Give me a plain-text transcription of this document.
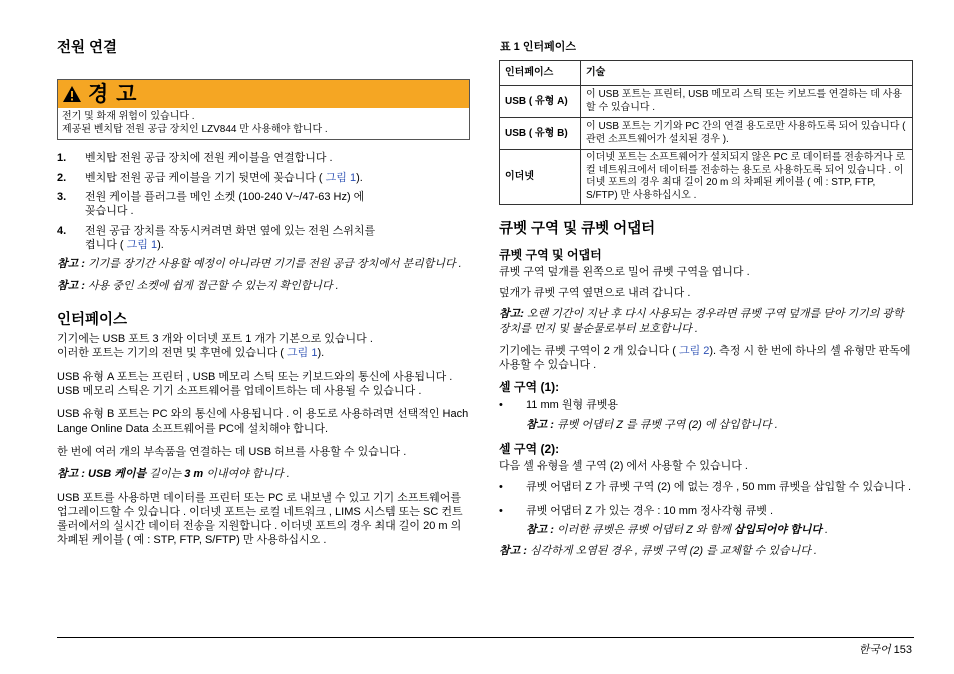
전원 연결
경 고
전기 및 화재 위험이 있습니다 .
제공된 벤치탑 전원 공급 장치인 LZV844 만 사용해야 합니다 .
1.	벤치탑 전원 공급 장치에 전원 케이블을 연결합니다 .
2.	벤치탑 전원 공급 케이블을 기기 뒷면에 꽂습니다 ( 그림 1).
3.	전원 케이블 플러그를 메인 소켓 (100-240 V~/47-63 Hz) 에
꽂습니다 .
4.	전원 공급 장치를 작동시켜려면 화면 옆에 있는 전원 스위치를
켭니다 ( 그림 1).

참고 : 기기를 장기간 사용할 예정이 아니라면 기기를 전원 공급 장치에서 분리합니다 .

참고 : 사용 중인 소켓에 쉽게 접근할 수 있는지 확인합니다 .

인터페이스

기기에는 USB 포트 3 개와 이더넷 포트 1 개가 기본으로 있습니다 .
이러한 포트는 기기의 전면 및 후면에 있습니다 ( 그림 1).

USB 유형 A 포트는 프린터 , USB 메모리 스틱 또는 키보드와의 통신에 사용됩니다 . USB 메모리 스틱은 기기 소프트웨어를 업데이트하는 데 사용될 수 있습니다 .

USB 유형 B 포트는 PC 와의 통신에 사용됩니다 . 이 용도로 사용하려면 선택적인 Hach Lange Online Data 소프트웨어를 PC에 설치해야 합니다.

한 번에 여러 개의 부속품을 연결하는 데 USB 허브를 사용할 수 있습니다 .

참고 : USB 케이블 길이는 3 m 이내여야 합니다 .

USB 포트를 사용하면 데이터를 프린터 또는 PC 로 내보낼 수 있고 기기 소프트웨어를 업그레이드할 수 있습니다 . 이더넷 포트는 로컬 네트워크 , LIMS 시스템 또는 SC 컨트롤러에서의 실시간 데이터 전송을 지원합니다 . 이더넷 포트의 경우 최대 길이 20 m 의 차폐된 케이블 ( 예 : STP, FTP, S/FTP) 만 사용하십시오 .

표 1 인터페이스
인터페이스	기술
USB ( 유형 A)	이 USB 포트는 프린터, USB 메모리 스틱 또는 키보드를 연결하는 데 사용할 수 있습니다 .
USB ( 유형 B)	이 USB 포트는 기기와 PC 간의 연결 용도로만 사용하도록 되어 있습니다 ( 관련 소프트웨어가 설치된 경우 ).
이더넷	이더넷 포트는 소프트웨어가 설치되지 않은 PC 로 데이터를 전송하거나 로컬 네트워크에서 데이터를 전송하는 용도로 사용하도록 되어 있습니다 . 이더넷 포트의 경우 최대 길이 20 m 의 차폐된 케이블 ( 예 : STP, FTP, S/FTP) 만 사용하십시오 .
큐벳 구역 및 큐벳 어댑터
큐벳 구역 및 어댑터

큐벳 구역 덮개를 왼쪽으로 밀어 큐벳 구역을 엽니다 .

덮개가 큐벳 구역 옆면으로 내려 갑니다 .

참고: 오랜 기간이 지난 후 다시 사용되는 경우라면 큐벳 구역 덮개를 닫아 기기의 광학 장치를 먼지 및 불순물로부터 보호합니다 .

기기에는 큐벳 구역이 2 개 있습니다 ( 그림 2). 측정 시 한 번에 하나의 셀 유형만 판독에 사용할 수 있습니다 .

셀 구역 (1):
•	11 mm 원형 큐벳용

참고 : 큐벳 어댑터 Z 를 큐벳 구역 (2) 에 삽입합니다 .

셀 구역 (2):

다음 셀 유형을 셀 구역 (2) 에서 사용할 수 있습니다 .

•	큐벳 어댑터 Z 가 큐벳 구역 (2) 에 없는 경우 , 50 mm 큐벳을 삽입할 수 있습니다 .
•	큐벳 어댑터 Z 가 있는 경우 : 10 mm 정사각형 큐벳 .

참고 : 이러한 큐벳은 큐벳 어댑터 Z 와 함께 삽입되어야 합니다 .

참고 : 심각하게 오염된 경우 , 큐벳 구역 (2) 를 교체할 수 있습니다 .

한국어 153
